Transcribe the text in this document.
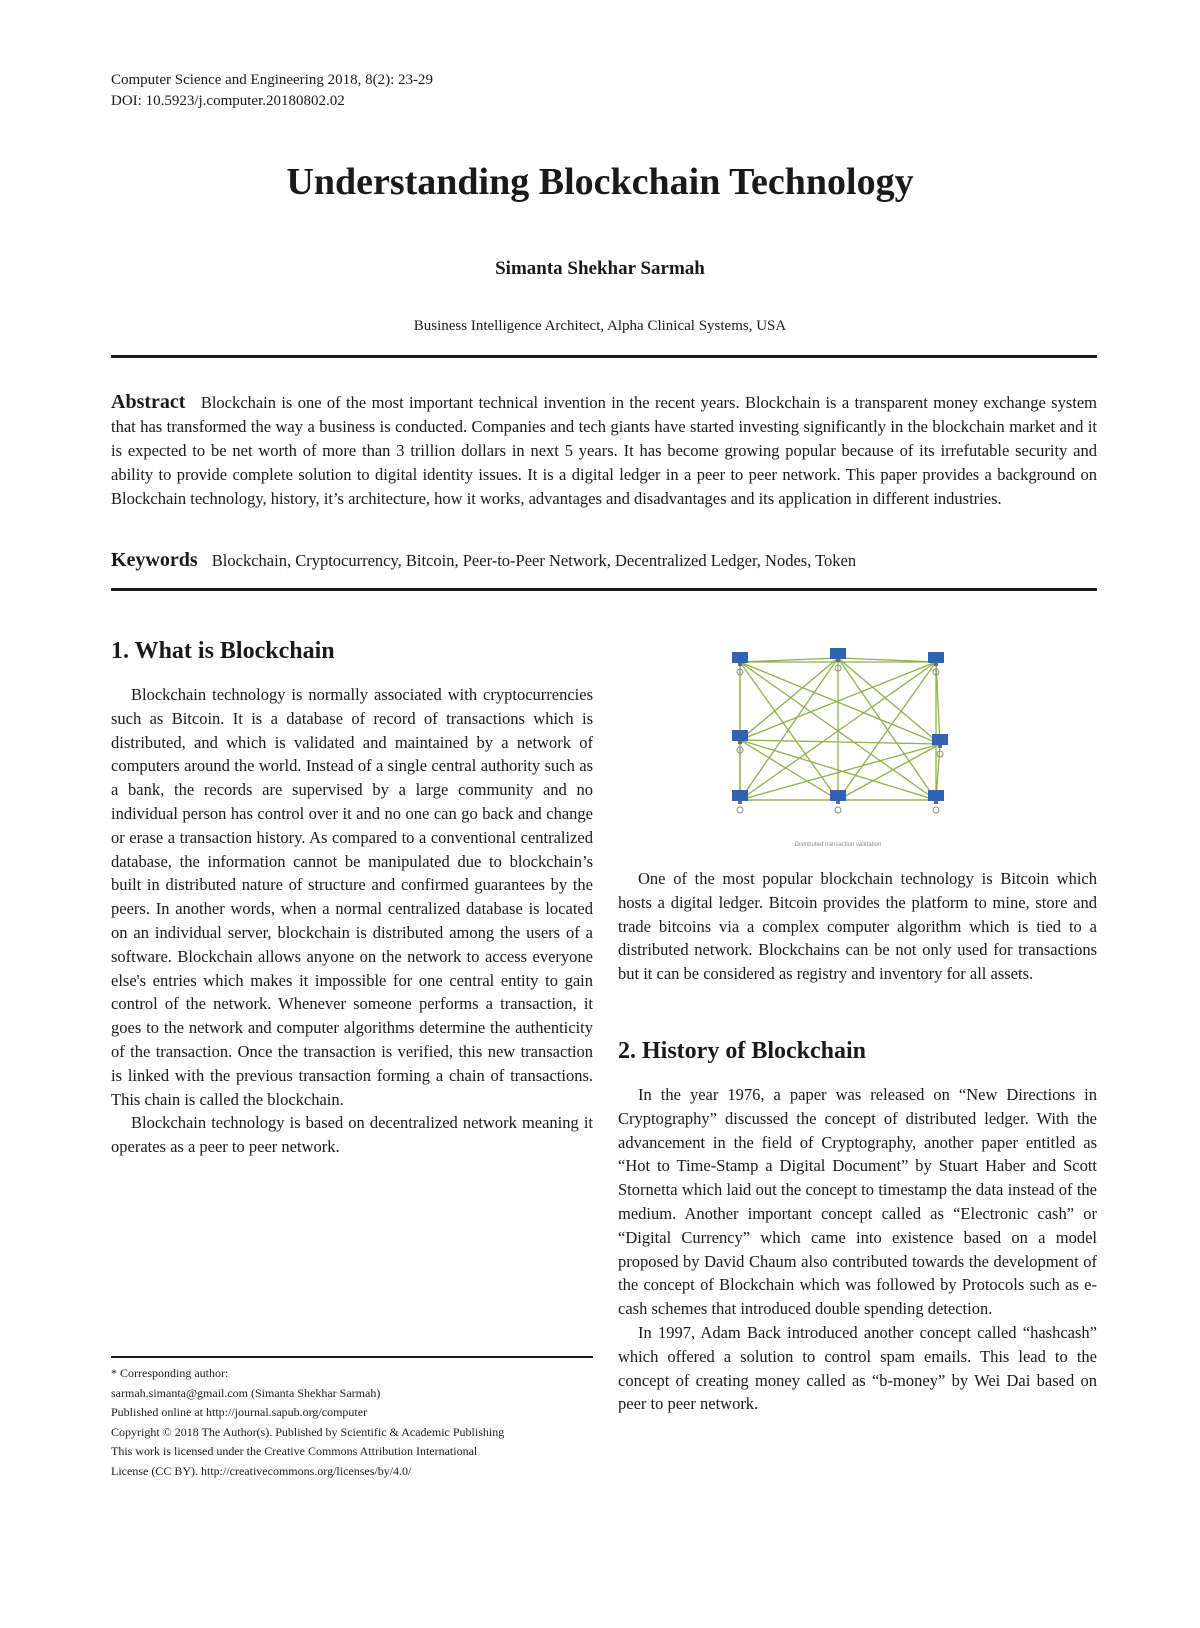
Computer Science and Engineering 2018, 8(2): 23-29
DOI: 10.5923/j.computer.20180802.02
Understanding Blockchain Technology
Simanta Shekhar Sarmah
Business Intelligence Architect, Alpha Clinical Systems, USA
Abstract Blockchain is one of the most important technical invention in the recent years. Blockchain is a transparent money exchange system that has transformed the way a business is conducted. Companies and tech giants have started investing significantly in the blockchain market and it is expected to be net worth of more than 3 trillion dollars in next 5 years. It has become growing popular because of its irrefutable security and ability to provide complete solution to digital identity issues. It is a digital ledger in a peer to peer network. This paper provides a background on Blockchain technology, history, it’s architecture, how it works, advantages and disadvantages and its application in different industries.
Keywords Blockchain, Cryptocurrency, Bitcoin, Peer-to-Peer Network, Decentralized Ledger, Nodes, Token
1. What is Blockchain

Blockchain technology is normally associated with cryptocurrencies such as Bitcoin. It is a database of record of transactions which is distributed, and which is validated and maintained by a network of computers around the world. Instead of a single central authority such as a bank, the records are supervised by a large community and no individual person has control over it and no one can go back and change or erase a transaction history. As compared to a conventional centralized database, the information cannot be manipulated due to blockchain’s built in distributed nature of structure and confirmed guarantees by the peers. In another words, when a normal centralized database is located on an individual server, blockchain is distributed among the users of a software. Blockchain allows anyone on the network to access everyone else's entries which makes it impossible for one central entity to gain control of the network. Whenever someone performs a transaction, it goes to the network and computer algorithms determine the authenticity of the transaction. Once the transaction is verified, this new transaction is linked with the previous transaction forming a chain of transactions. This chain is called the blockchain.

Blockchain technology is based on decentralized network meaning it operates as a peer to peer network.

* Corresponding author:
sarmah.simanta@gmail.com (Simanta Shekhar Sarmah)
Published online at http://journal.sapub.org/computer
Copyright © 2018 The Author(s). Published by Scientific & Academic Publishing
This work is licensed under the Creative Commons Attribution International
License (CC BY). http://creativecommons.org/licenses/by/4.0/
Distributed transaction validation

One of the most popular blockchain technology is Bitcoin which hosts a digital ledger. Bitcoin provides the platform to mine, store and trade bitcoins via a complex computer algorithm which is tied to a distributed network. Blockchains can be not only used for transactions but it can be considered as registry and inventory for all assets.

2. History of Blockchain

In the year 1976, a paper was released on “New Directions in Cryptography” discussed the concept of distributed ledger. With the advancement in the field of Cryptography, another paper entitled as “Hot to Time-Stamp a Digital Document” by Stuart Haber and Scott Stornetta which laid out the concept to timestamp the data instead of the medium. Another important concept called as “Electronic cash” or “Digital Currency” which came into existence based on a model proposed by David Chaum also contributed towards the development of the concept of Blockchain which was followed by Protocols such as e-cash schemes that introduced double spending detection.

In 1997, Adam Back introduced another concept called “hashcash” which offered a solution to control spam emails. This lead to the concept of creating money called as “b-money” by Wei Dai based on peer to peer network.
